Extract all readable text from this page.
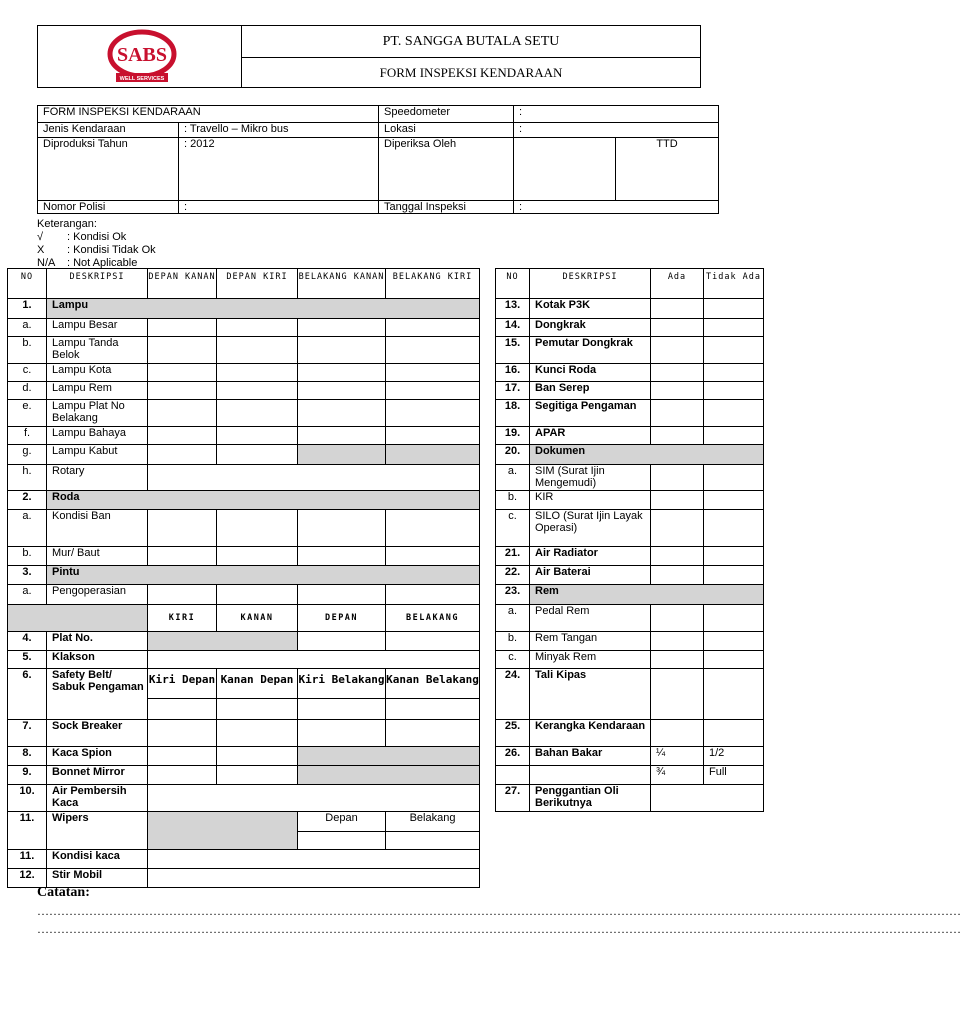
SABS
WELL SERVICES
PT. SANGGA BUTALA SETU
FORM INSPEKSI KENDARAAN
FORM INSPEKSI KENDARAAN		Speedometer	:	
Jenis Kendaraan	: Travello – Mikro bus	Lokasi	:	
Diproduksi Tahun	: 2012	Diperiksa Oleh		TTD
Nomor Polisi	:	Tanggal Inspeksi	:	
Keterangan:
√ : Kondisi Ok
X : Kondisi Tidak Ok
N/A : Not Aplicable
NO	DESKRIPSI	DEPAN KANAN	DEPAN KIRI	BELAKANG KANAN	BELAKANG KIRI
1.	Lampu				
a.	Lampu Besar				
b.	Lampu Tanda Belok				
c.	Lampu Kota				
d.	Lampu Rem				
e.	Lampu Plat No Belakang				
f.	Lampu Bahaya				
g.	Lampu Kabut				
h.	Rotary				
2.	Roda				
a.	Kondisi Ban				
b.	Mur/ Baut				
3.	Pintu				
a.	Pengoperasian				
		KIRI	KANAN	DEPAN	BELAKANG
4.	Plat No.				
5.	Klakson				
6.	Safety Belt/ Sabuk Pengaman	Kiri Depan	Kanan Depan	Kiri Belakang	Kanan Belakang

7.	Sock Breaker				
8.	Kaca Spion				
9.	Bonnet Mirror				
10.	Air Pembersih Kaca				
11.	Wipers			Depan	Belakang

11.	Kondisi kaca				
12.	Stir Mobil				
NO	DESKRIPSI	Ada	Tidak Ada
13.	Kotak P3K		
14.	Dongkrak		
15.	Pemutar Dongkrak		
16.	Kunci Roda		
17.	Ban Serep		
18.	Segitiga Pengaman		
19.	APAR		
20.	Dokumen		
a.	SIM (Surat Ijin Mengemudi)		
b.	KIR		
c.	SILO (Surat Ijin Layak Operasi)		
21.	Air Radiator		
22.	Air Baterai		
23.	Rem		
a.	Pedal Rem		
b.	Rem Tangan		
c.	Minyak Rem		
24.	Tali Kipas		
25.	Kerangka Kendaraan		
26.	Bahan Bakar	¼	1/2
		¾	Full
27.	Penggantian Oli Berikutnya		
Catatan:
……………………………………………………………………………………………………………………………………………………………………………………………………………
……………………………………………………………………………………………………………………………………………………………………………………………………………
